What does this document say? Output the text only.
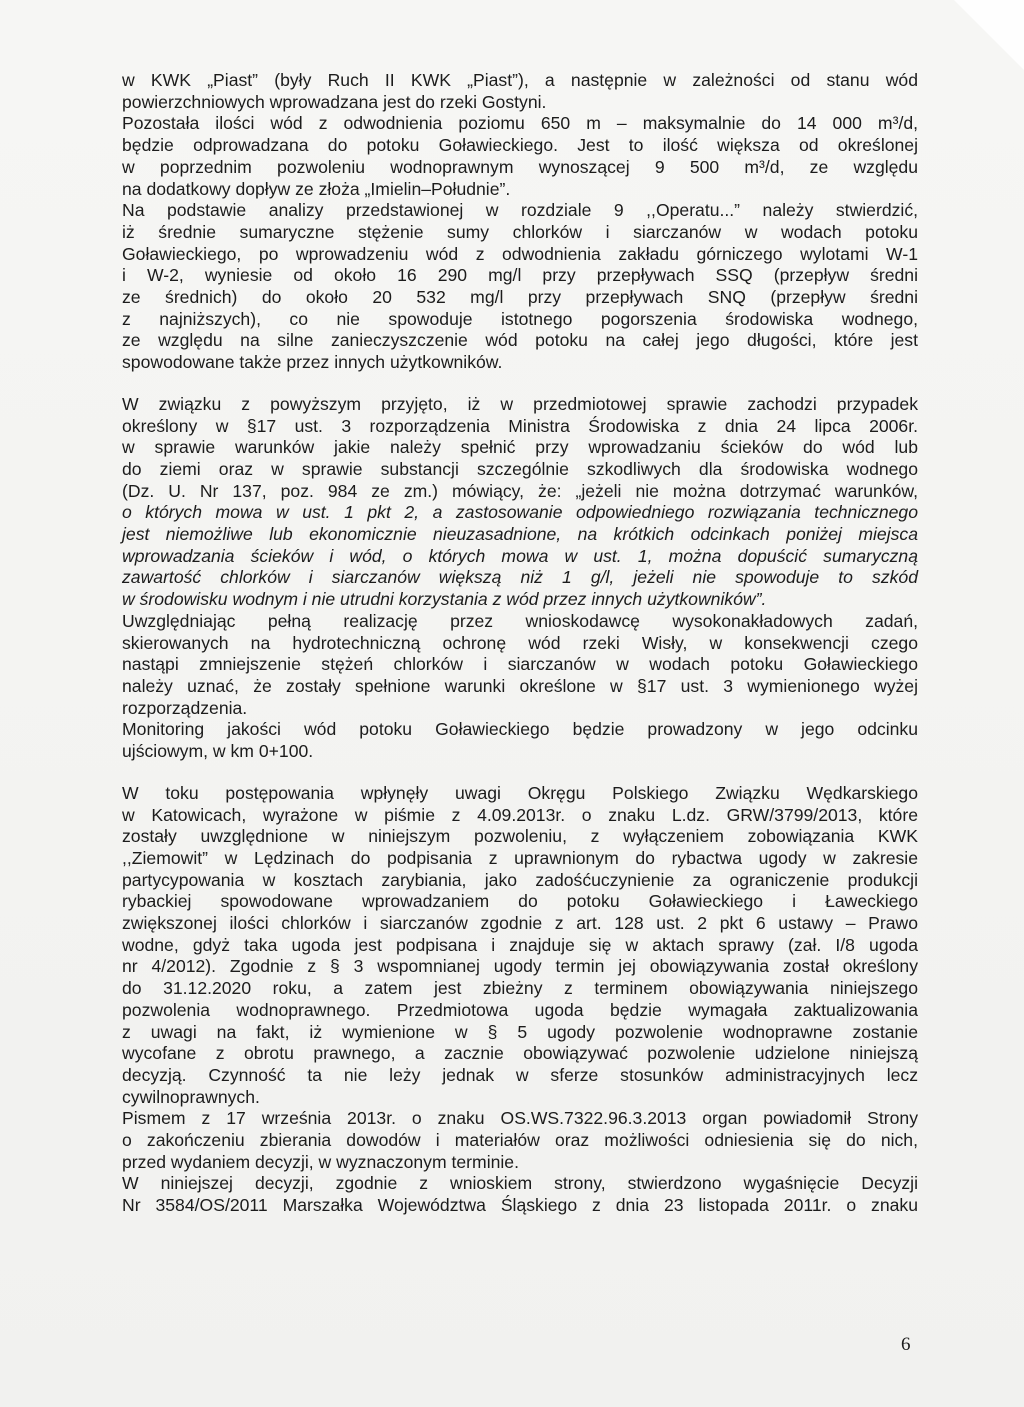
w KWK „Piast” (były Ruch II KWK „Piast”), a następnie w zależności od stanu wód
powierzchniowych wprowadzana jest do rzeki Gostyni.

Pozostała ilości wód z odwodnienia poziomu 650 m – maksymalnie do 14 000 m³/d,
będzie odprowadzana do potoku Goławieckiego. Jest to ilość większa od określonej
w poprzednim pozwoleniu wodnoprawnym wynoszącej 9 500 m³/d, ze względu
na dodatkowy dopływ ze złoża „Imielin–Południe”.

Na podstawie analizy przedstawionej w rozdziale 9 ,,Operatu...” należy stwierdzić,
iż średnie sumaryczne stężenie sumy chlorków i siarczanów w wodach potoku
Goławieckiego, po wprowadzeniu wód z odwodnienia zakładu górniczego wylotami W-1
i W-2, wyniesie od około 16 290 mg/l przy przepływach SSQ (przepływ średni
ze średnich) do około 20 532 mg/l przy przepływach SNQ (przepływ średni
z najniższych), co nie spowoduje istotnego pogorszenia środowiska wodnego,
ze względu na silne zanieczyszczenie wód potoku na całej jego długości, które jest
spowodowane także przez innych użytkowników.

W związku z powyższym przyjęto, iż w przedmiotowej sprawie zachodzi przypadek
określony w §17 ust. 3 rozporządzenia Ministra Środowiska z dnia 24 lipca 2006r.
w sprawie warunków jakie należy spełnić przy wprowadzaniu ścieków do wód lub
do ziemi oraz w sprawie substancji szczególnie szkodliwych dla środowiska wodnego
(Dz. U. Nr 137, poz. 984 ze zm.) mówiący, że: „jeżeli nie można dotrzymać warunków,
o których mowa w ust. 1 pkt 2, a zastosowanie odpowiedniego rozwiązania technicznego
jest niemożliwe lub ekonomicznie nieuzasadnione, na krótkich odcinkach poniżej miejsca
wprowadzania ścieków i wód, o których mowa w ust. 1, można dopuścić sumaryczną
zawartość chlorków i siarczanów większą niż 1 g/l, jeżeli nie spowoduje to szkód
w środowisku wodnym i nie utrudni korzystania z wód przez innych użytkowników”.

Uwzględniając pełną realizację przez wnioskodawcę wysokonakładowych zadań,
skierowanych na hydrotechniczną ochronę wód rzeki Wisły, w konsekwencji czego
nastąpi zmniejszenie stężeń chlorków i siarczanów w wodach potoku Goławieckiego
należy uznać, że zostały spełnione warunki określone w §17 ust. 3 wymienionego wyżej
rozporządzenia.

Monitoring jakości wód potoku Goławieckiego będzie prowadzony w jego odcinku
ujściowym, w km 0+100.

W toku postępowania wpłynęły uwagi Okręgu Polskiego Związku Wędkarskiego
w Katowicach, wyrażone w piśmie z 4.09.2013r. o znaku L.dz. GRW/3799/2013, które
zostały uwzględnione w niniejszym pozwoleniu, z wyłączeniem zobowiązania KWK
,,Ziemowit” w Lędzinach do podpisania z uprawnionym do rybactwa ugody w zakresie
partycypowania w kosztach zarybiania, jako zadośćuczynienie za ograniczenie produkcji
rybackiej spowodowane wprowadzaniem do potoku Goławieckiego i Ławeckiego
zwiększonej ilości chlorków i siarczanów zgodnie z art. 128 ust. 2 pkt 6 ustawy – Prawo
wodne, gdyż taka ugoda jest podpisana i znajduje się w aktach sprawy (zał. I/8 ugoda
nr 4/2012). Zgodnie z § 3 wspomnianej ugody termin jej obowiązywania został określony
do 31.12.2020 roku, a zatem jest zbieżny z terminem obowiązywania niniejszego
pozwolenia wodnoprawnego. Przedmiotowa ugoda będzie wymagała zaktualizowania
z uwagi na fakt, iż wymienione w § 5 ugody pozwolenie wodnoprawne zostanie
wycofane z obrotu prawnego, a zacznie obowiązywać pozwolenie udzielone niniejszą
decyzją. Czynność ta nie leży jednak w sferze stosunków administracyjnych lecz
cywilnoprawnych.

Pismem z 17 września 2013r. o znaku OS.WS.7322.96.3.2013 organ powiadomił Strony
o zakończeniu zbierania dowodów i materiałów oraz możliwości odniesienia się do nich,
przed wydaniem decyzji, w wyznaczonym terminie.

W niniejszej decyzji, zgodnie z wnioskiem strony, stwierdzono wygaśnięcie Decyzji
Nr 3584/OS/2011 Marszałka Województwa Śląskiego z dnia 23 listopada 2011r. o znaku

6
